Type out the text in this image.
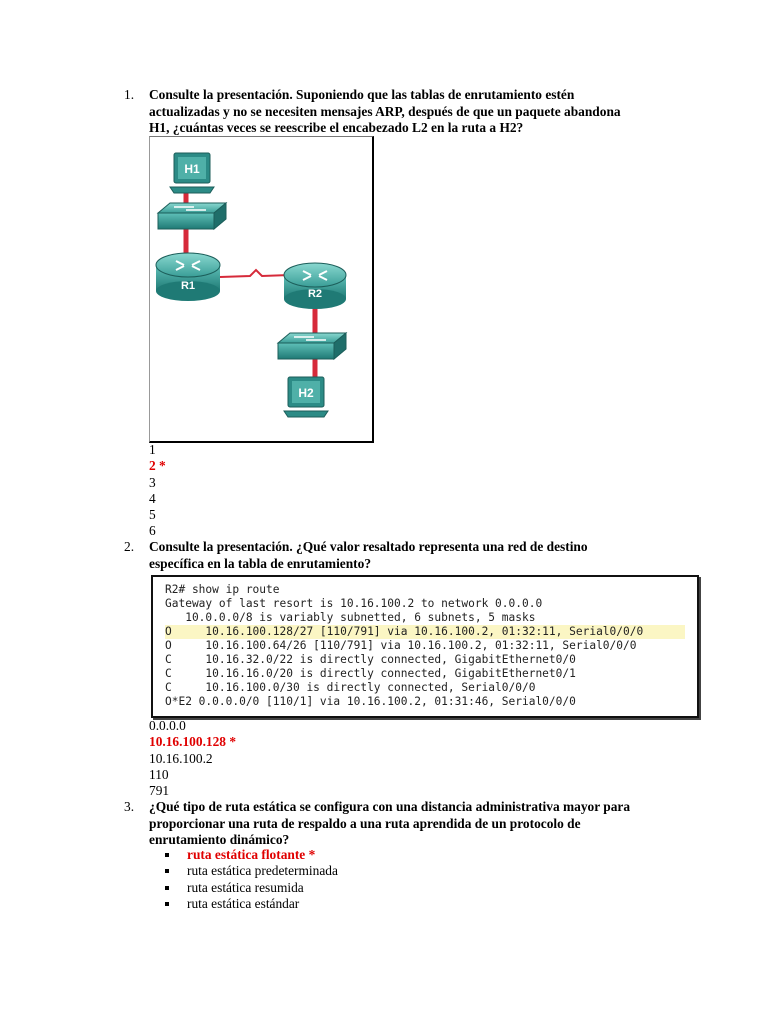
1. Consulte la presentación. Suponiendo que las tablas de enrutamiento estén actualizadas y no se necesiten mensajes ARP, después de que un paquete abandona H1, ¿cuántas veces se reescribe el encabezado L2 en la ruta a H2?
H1
R1
R2
H2
1
2 *
3
4
5
6
2. Consulte la presentación. ¿Qué valor resaltado representa una red de destino específica en la tabla de enrutamiento?
R2# show ip route
Gateway of last resort is 10.16.100.2 to network 0.0.0.0
10.0.0.0/8 is variably subnetted, 6 subnets, 5 masks
O     10.16.100.128/27 [110/791] via 10.16.100.2, 01:32:11, Serial0/0/0
O     10.16.100.64/26 [110/791] via 10.16.100.2, 01:32:11, Serial0/0/0
C     10.16.32.0/22 is directly connected, GigabitEthernet0/0
C     10.16.16.0/20 is directly connected, GigabitEthernet0/1
C     10.16.100.0/30 is directly connected, Serial0/0/0
O*E2 0.0.0.0/0 [110/1] via 10.16.100.2, 01:31:46, Serial0/0/0
0.0.0.0
10.16.100.128 *
10.16.100.2
110
791
3. ¿Qué tipo de ruta estática se configura con una distancia administrativa mayor para proporcionar una ruta de respaldo a una ruta aprendida de un protocolo de enrutamiento dinámico?
ruta estática flotante *
ruta estática predeterminada
ruta estática resumida
ruta estática estándar
